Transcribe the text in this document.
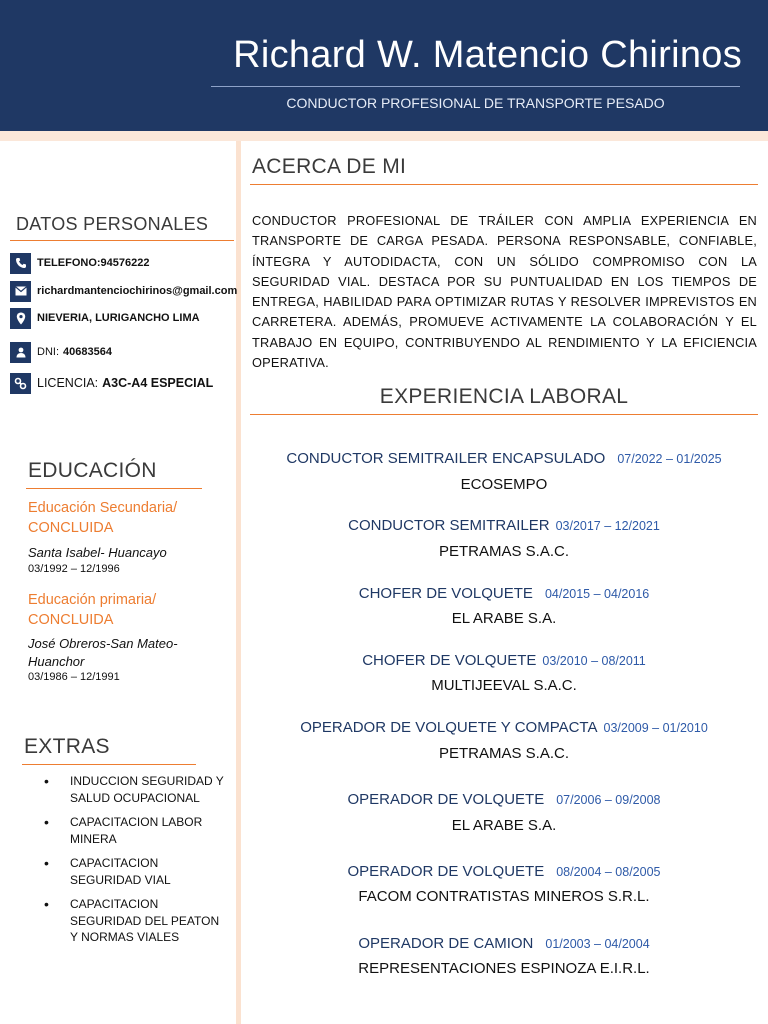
Richard W. Matencio Chirinos
CONDUCTOR PROFESIONAL DE TRANSPORTE PESADO
DATOS PERSONALES
TELEFONO:94576222
richardmantenciochirinos@gmail.com
NIEVERIA, LURIGANCHO LIMA
DNI: 40683564
LICENCIA: A3C-A4 ESPECIAL
EDUCACIÓN
Educación Secundaria/ CONCLUIDA
Santa Isabel- Huancayo
03/1992 – 12/1996
Educación primaria/ CONCLUIDA
José Obreros-San Mateo-Huanchor
03/1986 – 12/1991
EXTRAS
• INDUCCION SEGURIDAD Y SALUD OCUPACIONAL
• CAPACITACION LABOR MINERA
• CAPACITACION SEGURIDAD VIAL
• CAPACITACION SEGURIDAD DEL PEATON Y NORMAS VIALES
ACERCA DE MI
CONDUCTOR PROFESIONAL DE TRÁILER CON AMPLIA EXPERIENCIA EN TRANSPORTE DE CARGA PESADA. PERSONA RESPONSABLE, CONFIABLE, ÍNTEGRA Y AUTODIDACTA, CON UN SÓLIDO COMPROMISO CON LA SEGURIDAD VIAL. DESTACA POR SU PUNTUALIDAD EN LOS TIEMPOS DE ENTREGA, HABILIDAD PARA OPTIMIZAR RUTAS Y RESOLVER IMPREVISTOS EN CARRETERA. ADEMÁS, PROMUEVE ACTIVAMENTE LA COLABORACIÓN Y EL TRABAJO EN EQUIPO, CONTRIBUYENDO AL RENDIMIENTO Y LA EFICIENCIA OPERATIVA.
EXPERIENCIA LABORAL
CONDUCTOR SEMITRAILER ENCAPSULADO 07/2022 – 01/2025
ECOSEMPO
CONDUCTOR SEMITRAILER 03/2017 – 12/2021
PETRAMAS S.A.C.
CHOFER DE VOLQUETE 04/2015 – 04/2016
EL ARABE S.A.
CHOFER DE VOLQUETE 03/2010 – 08/2011
MULTIJEEVAL S.A.C.
OPERADOR DE VOLQUETE Y COMPACTA 03/2009 – 01/2010
PETRAMAS S.A.C.
OPERADOR DE VOLQUETE 07/2006 – 09/2008
EL ARABE S.A.
OPERADOR DE VOLQUETE 08/2004 – 08/2005
FACOM CONTRATISTAS MINEROS S.R.L.
OPERADOR DE CAMION 01/2003 – 04/2004
REPRESENTACIONES ESPINOZA E.I.R.L.
